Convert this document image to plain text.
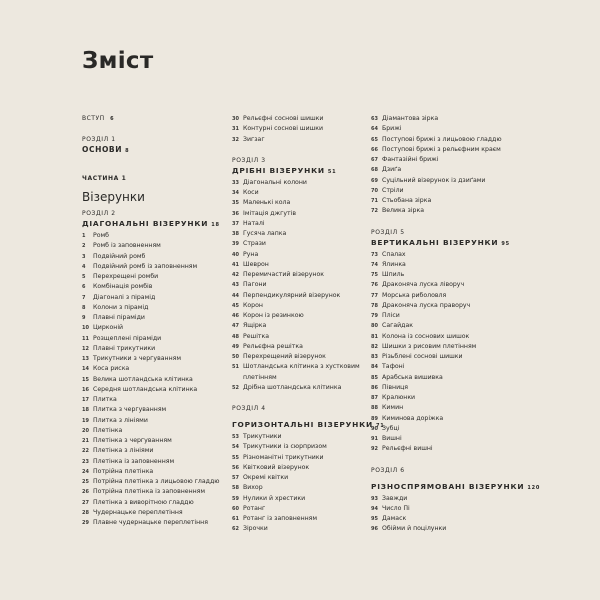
Зміст
ВСТУП 6
РОЗДІЛ 1
ОСНОВИ 8
ЧАСТИНА 1
Візерунки
РОЗДІЛ 2
ДІАГОНАЛЬНІ ВІЗЕРУНКИ 18
1	Ромб
2	Ромб із заповненням
3	Подвійний ромб
4	Подвійний ромб із заповненням
5	Перехрещені ромби
6	Комбінація ромбів
7	Діагоналі з пірамід
8	Колони з пірамід
9	Плавні піраміди
10 Цирконій
11 Розщеплені піраміди
12 Плавні трикутники
13 Трикутники з чергуванням
14 Коса риска
15 Велика шотландська клітинка
16 Середня шотландська клітинка
17 Плитка
18 Плитка з чергуванням
19 Плитка з лініями
20 Плетінка
21 Плетінка з чергуванням
22 Плетінка з лініями
23 Плетінка із заповненням
24 Потрійна плетінка
25 Потрійна плетінка з лицьовою гладдю
26 Потрійна плетінка із заповненням
27 Плетінка з виворітною гладдю
28 Чудернацьке переплетіння
29 Плавне чудернацьке переплетіння
30 Рельєфні соснові шишки
31 Контурні соснові шишки
32 Зигзаг
РОЗДІЛ 3
ДРІБНІ ВІЗЕРУНКИ 51
33 Діагональні колони
34 Коси
35 Маленькі кола
36 Імітація джгутів
37 Наталі
38 Гусяча лапка
39 Стрази
40 Руна
41 Шеврон
42 Перемичастий візерунок
43 Пагони
44 Перпендикулярний візерунок
45 Корон
46 Корон із резинкою
47 Ящірка
48 Решітка
49 Рельєфна решітка
50 Перехрещений візерунок
51 Шотландська клітинка з хустковим плетінням
52 Дрібна шотландська клітинка
РОЗДІЛ 4
ГОРИЗОНТАЛЬНІ ВІЗЕРУНКИ 71
53 Трикутники
54 Трикутники із сюрпризом
55 Різноманітні трикутники
56 Квітковий візерунок
57 Окремі квітки
58 Вихор
59 Нулики й хрестики
60 Ротанг
61 Ротанг із заповненням
62 Зірочки
63 Діамантова зірка
64 Брижі
65 Поступові брижі з лицьовою гладдю
66 Поступові брижі з рельєфним краєм
67 Фантазійні брижі
68 Дзиґа
69 Суцільний візерунок із дзиґами
70 Стріли
71 Стьобана зірка
72 Велика зірка
РОЗДІЛ 5
ВЕРТИКАЛЬНІ ВІЗЕРУНКИ 95
73 Спалах
74 Ялинка
75 Шпиль
76 Драконяча луска ліворуч
77 Морська риболовля
78 Драконяча луска праворуч
79 Пліси
80 Сагайдак
81 Колона із соснових шишок
82 Шишки з рисовим плетінням
83 Різьблені соснові шишки
84 Тафоні
85 Арабська вишивка
86 Півниця
87 Кралюнки
88 Кимин
89 Киминова доріжка
90 Зубці
91 Вишні
92 Рельєфні вишні
РОЗДІЛ 6
РІЗНОСПРЯМОВАНІ ВІЗЕРУНКИ 120
93 Завжди
94 Число Пі
95 Дамаск
96 Обійми й поцілунки
